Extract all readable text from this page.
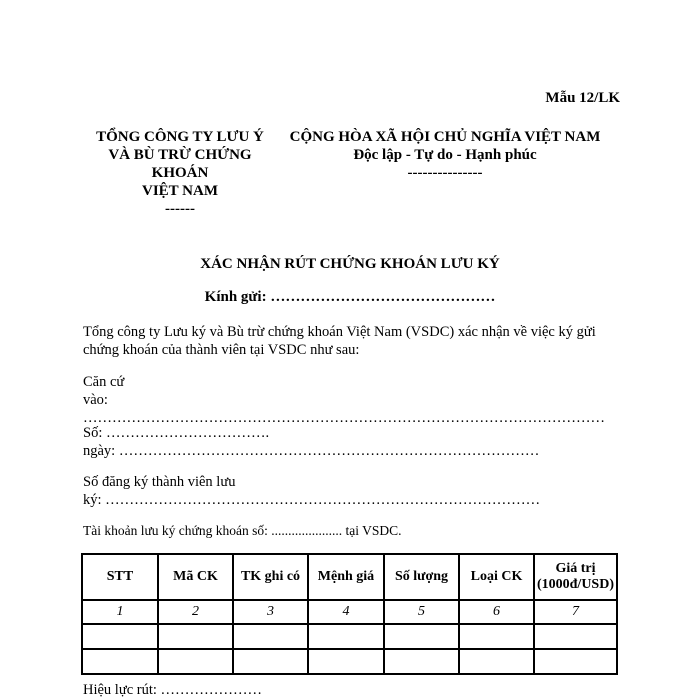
Mẫu 12/LK
TỔNG CÔNG TY LƯU Ý
VÀ BÙ TRỪ CHỨNG
KHOÁN
VIỆT NAM
------
CỘNG HÒA XÃ HỘI CHỦ NGHĨA VIỆT NAM
Độc lập - Tự do - Hạnh phúc
---------------
XÁC NHẬN RÚT CHỨNG KHOÁN LƯU KÝ
Kính gửi: ………………………………………
Tổng công ty Lưu ký và Bù trừ chứng khoán Việt Nam (VSDC) xác nhận về việc ký gửi chứng khoán của thành viên tại VSDC như sau:
Căn cứ
vào: ………………………………………………………………………………………………
Số: …………………………….
ngày: ……………………………………………………………………………
Số đăng ký thành viên lưu
ký: ………………………………………………………………………………
Tài khoản lưu ký chứng khoán số: ..................... tại VSDC.
STT	Mã CK	TK ghi có	Mệnh giá	Số lượng	Loại CK	Giá trị (1000đ/USD)
1	2	3	4	5	6	7

Hiệu lực rút: …………………
